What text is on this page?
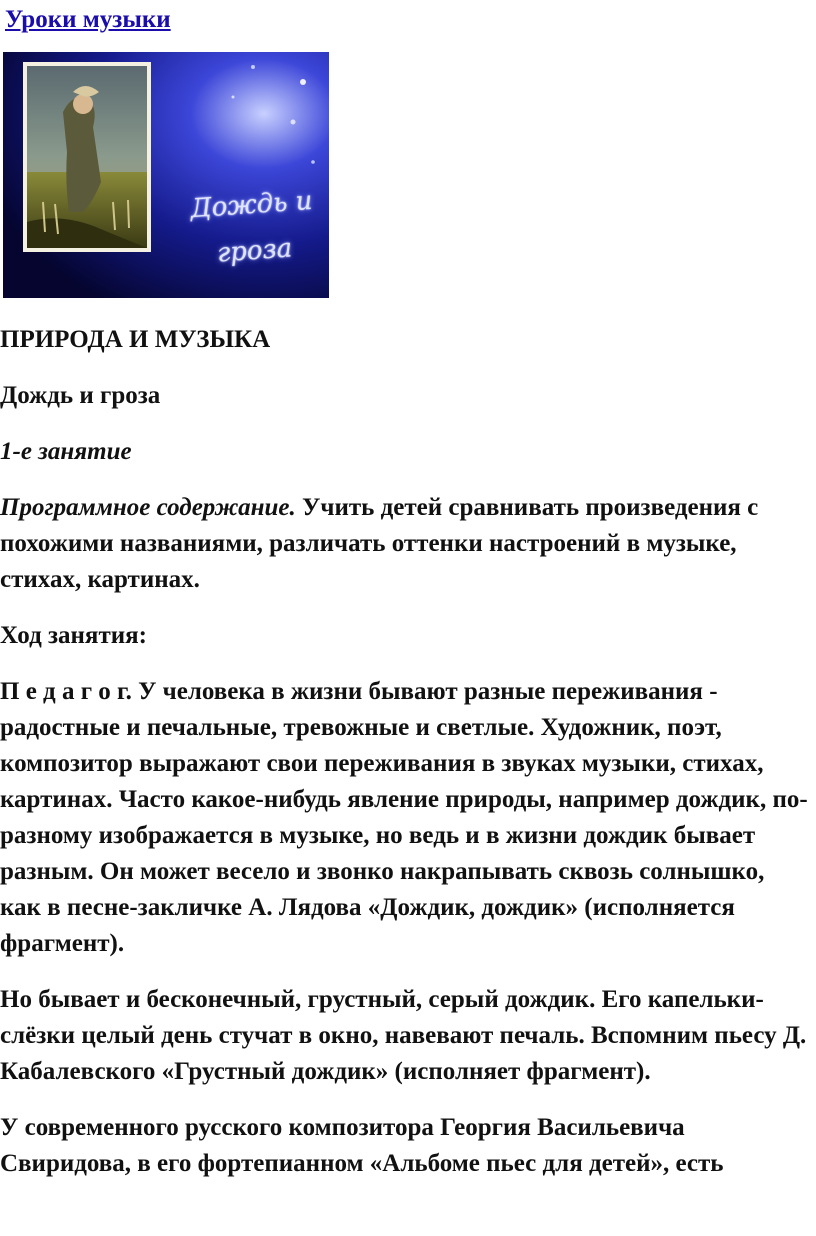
Уроки музыки
Дождь и
гроза

ПРИРОДА И МУЗЫКА

Дождь и гроза

1-е занятие

Программное содержание. Учить детей сравнивать произведения с похожими названиями, различать оттенки настроений в музыке, стихах, картинах.

Ход занятия:

П е д а г о г. У человека в жизни бывают разные переживания - радостные и печальные, тревожные и светлые. Художник, поэт, композитор выражают свои переживания в звуках музыки, стихах, картинах. Часто какое-нибудь явление природы, например дождик, по-разному изображается в музыке, но ведь и в жизни дождик бывает разным. Он может весело и звонко накрапывать сквозь солнышко, как в песне-закличке А. Лядова «Дождик, дождик» (исполняется фрагмент).

Но бывает и бесконечный, грустный, серый дождик. Его капельки-слёзки целый день стучат в окно, навевают печаль. Вспомним пьесу Д. Кабалевского «Грустный дождик» (исполняет фрагмент).

У современного русского композитора Георгия Васильевича Свиридова, в его фортепианном «Альбоме пьес для детей», есть
